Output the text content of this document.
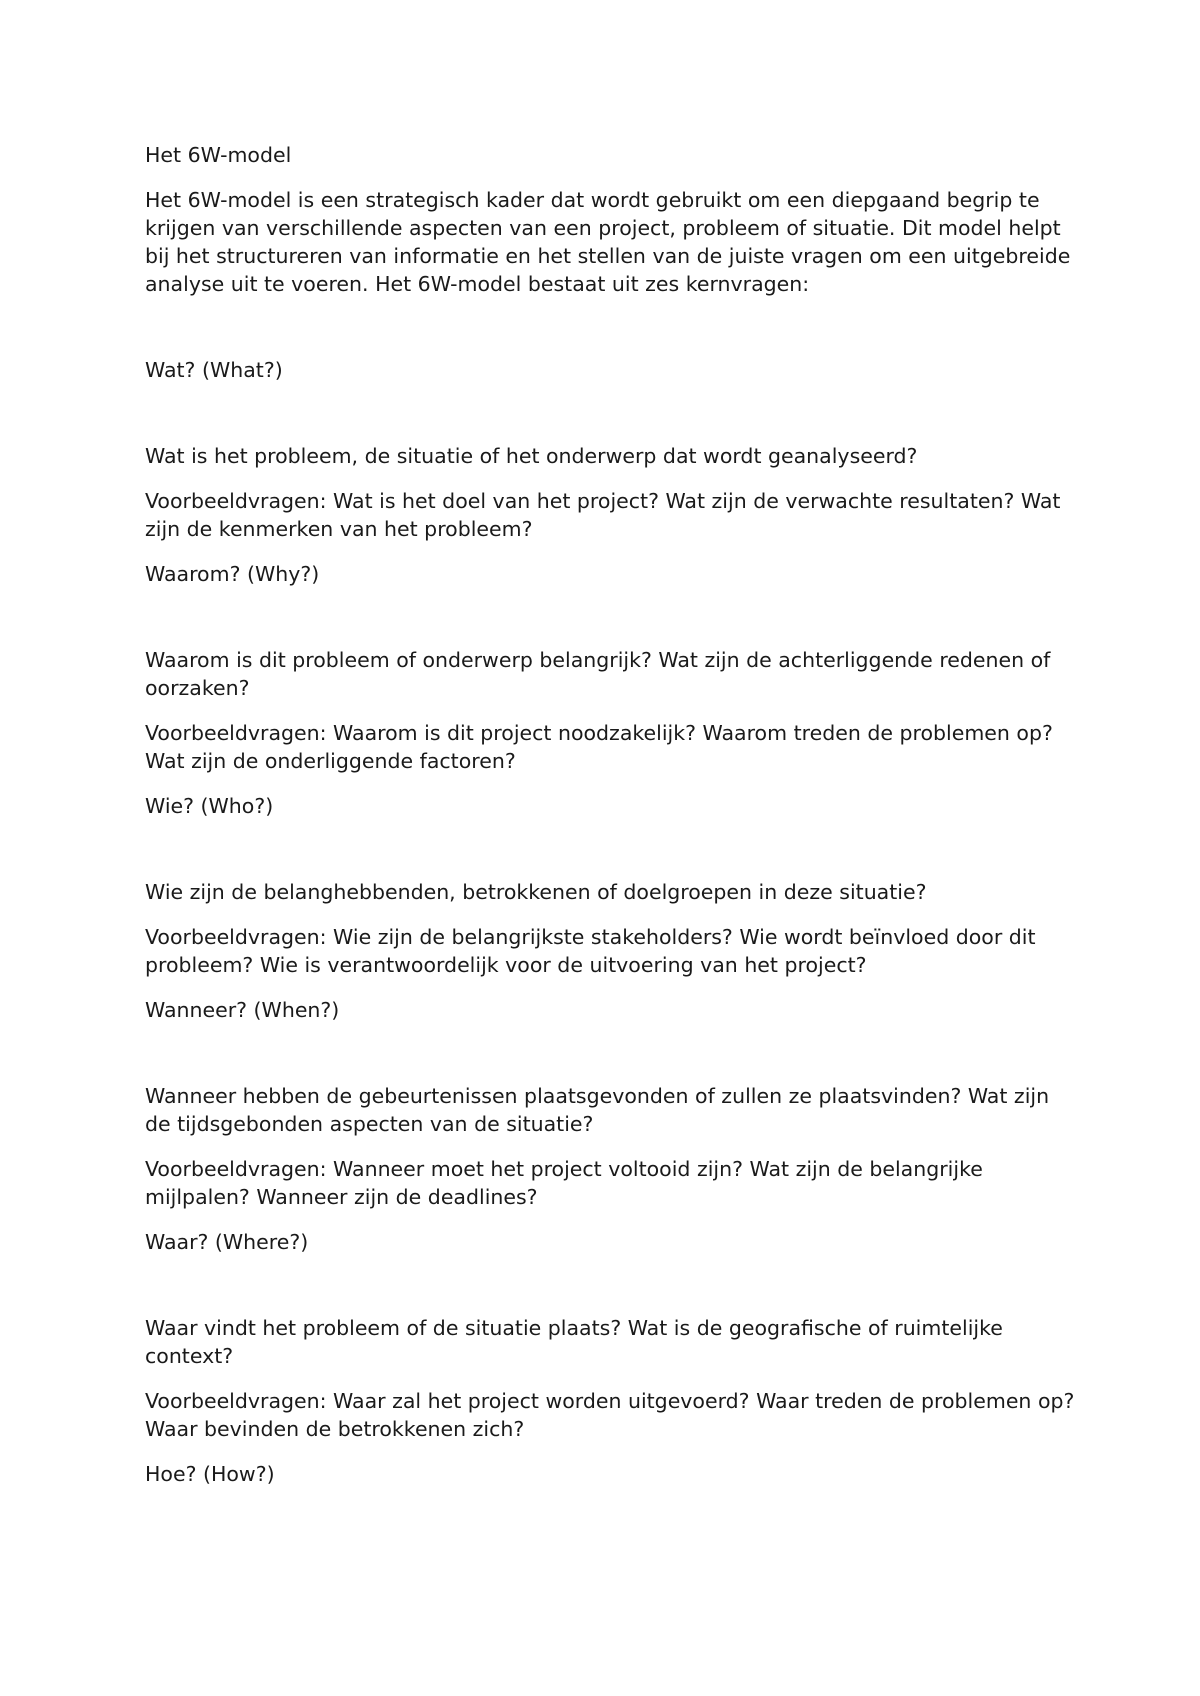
Het 6W-model

Het 6W-model is een strategisch kader dat wordt gebruikt om een diepgaand begrip te krijgen van verschillende aspecten van een project, probleem of situatie. Dit model helpt bij het structureren van informatie en het stellen van de juiste vragen om een uitgebreide analyse uit te voeren. Het 6W-model bestaat uit zes kernvragen:

Wat? (What?)

Wat is het probleem, de situatie of het onderwerp dat wordt geanalyseerd?

Voorbeeldvragen: Wat is het doel van het project? Wat zijn de verwachte resultaten? Wat zijn de kenmerken van het probleem?

Waarom? (Why?)

Waarom is dit probleem of onderwerp belangrijk? Wat zijn de achterliggende redenen of oorzaken?

Voorbeeldvragen: Waarom is dit project noodzakelijk? Waarom treden de problemen op? Wat zijn de onderliggende factoren?

Wie? (Who?)

Wie zijn de belanghebbenden, betrokkenen of doelgroepen in deze situatie?

Voorbeeldvragen: Wie zijn de belangrijkste stakeholders? Wie wordt beïnvloed door dit probleem? Wie is verantwoordelijk voor de uitvoering van het project?

Wanneer? (When?)

Wanneer hebben de gebeurtenissen plaatsgevonden of zullen ze plaatsvinden? Wat zijn de tijdsgebonden aspecten van de situatie?

Voorbeeldvragen: Wanneer moet het project voltooid zijn? Wat zijn de belangrijke mijlpalen? Wanneer zijn de deadlines?

Waar? (Where?)

Waar vindt het probleem of de situatie plaats? Wat is de geografische of ruimtelijke context?

Voorbeeldvragen: Waar zal het project worden uitgevoerd? Waar treden de problemen op? Waar bevinden de betrokkenen zich?

Hoe? (How?)
